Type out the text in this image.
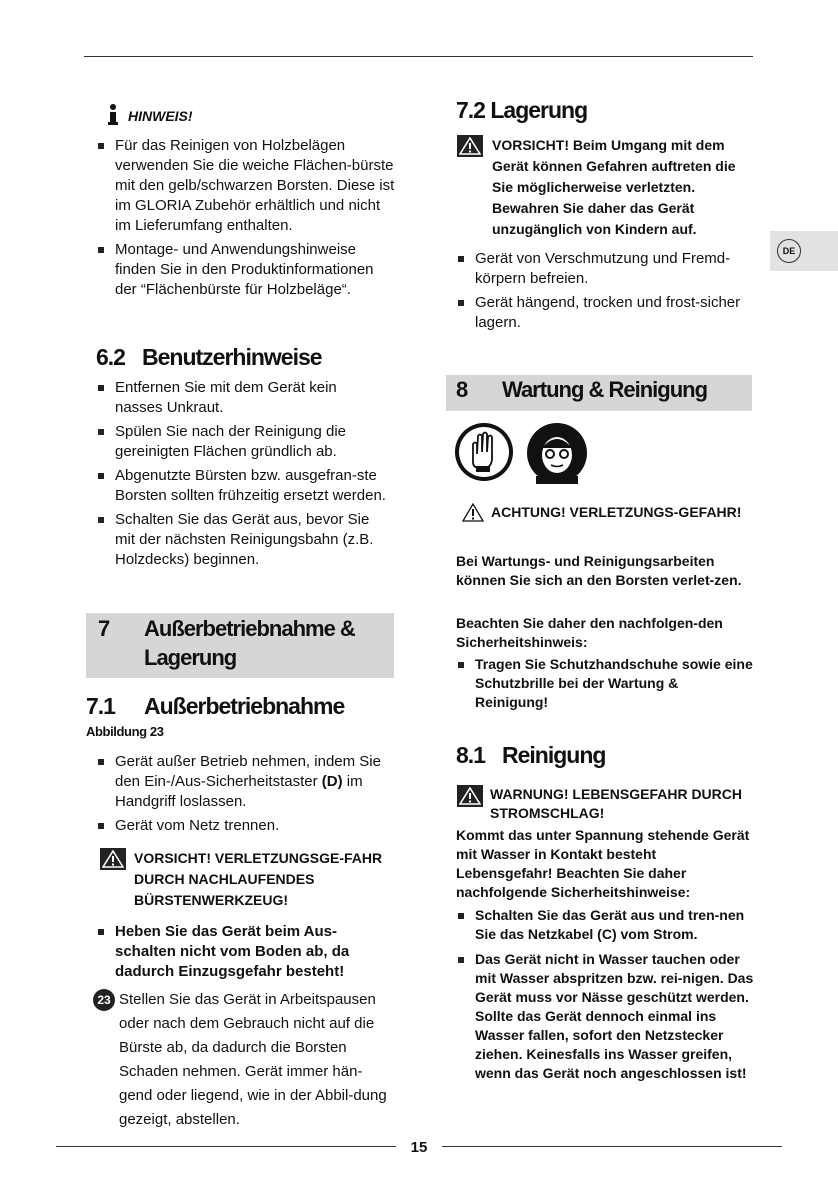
DE
HINWEIS!
Für das Reinigen von Holzbelägen verwenden Sie die weiche Flächen-bürste mit den gelb/schwarzen Borsten. Diese ist im GLORIA Zubehör erhältlich und nicht im Lieferumfang enthalten.
Montage- und Anwendungshinweise finden Sie in den Produktinformationen der “Flächenbürste für Holzbeläge“.
6.2 Benutzerhinweise
Entfernen Sie mit dem Gerät kein nasses Unkraut.
Spülen Sie nach der Reinigung die gereinigten Flächen gründlich ab.
Abgenutzte Bürsten bzw. ausgefran-ste Borsten sollten frühzeitig ersetzt werden.
Schalten Sie das Gerät aus, bevor Sie mit der nächsten Reinigungsbahn (z.B. Holzdecks) beginnen.
7 Außerbetriebnahme &
Lagerung
7.1 Außerbetriebnahme
Abbildung 23
Gerät außer Betrieb nehmen, indem Sie den Ein-/Aus-Sicherheitstaster (D) im Handgriff loslassen.
Gerät vom Netz trennen.
VORSICHT! VERLETZUNGSGE-FAHR DURCH NACHLAUFENDES BÜRSTENWERKZEUG!
Heben Sie das Gerät beim Aus-schalten nicht vom Boden ab, da dadurch Einzugsgefahr besteht!
23 Stellen Sie das Gerät in Arbeitspausen oder nach dem Gebrauch nicht auf die Bürste ab, da dadurch die Borsten Schaden nehmen. Gerät immer hän-gend oder liegend, wie in der Abbil-dung gezeigt, abstellen.
7.2 Lagerung
VORSICHT! Beim Umgang mit dem Gerät können Gefahren auftreten die Sie möglicherweise verletzten. Bewahren Sie daher das Gerät unzugänglich von Kindern auf.
Gerät von Verschmutzung und Fremd-körpern befreien.
Gerät hängend, trocken und frost-sicher lagern.
8 Wartung & Reinigung
ACHTUNG! VERLETZUNGS-GEFAHR!
Bei Wartungs- und Reinigungsarbeiten können Sie sich an den Borsten verlet-zen.
Beachten Sie daher den nachfolgen-den Sicherheitshinweis:
Tragen Sie Schutzhandschuhe sowie eine Schutzbrille bei der Wartung & Reinigung!
8.1 Reinigung
WARNUNG! LEBENSGEFAHR DURCH STROMSCHLAG!
Kommt das unter Spannung stehende Gerät mit Wasser in Kontakt besteht Lebensgefahr! Beachten Sie daher nachfolgende Sicherheitshinweise:
Schalten Sie das Gerät aus und tren-nen Sie das Netzkabel (C) vom Strom.
Das Gerät nicht in Wasser tauchen oder mit Wasser abspritzen bzw. rei-nigen. Das Gerät muss vor Nässe geschützt werden. Sollte das Gerät dennoch einmal ins Wasser fallen, sofort den Netzstecker ziehen. Keinesfalls ins Wasser greifen, wenn das Gerät noch angeschlossen ist!
15
